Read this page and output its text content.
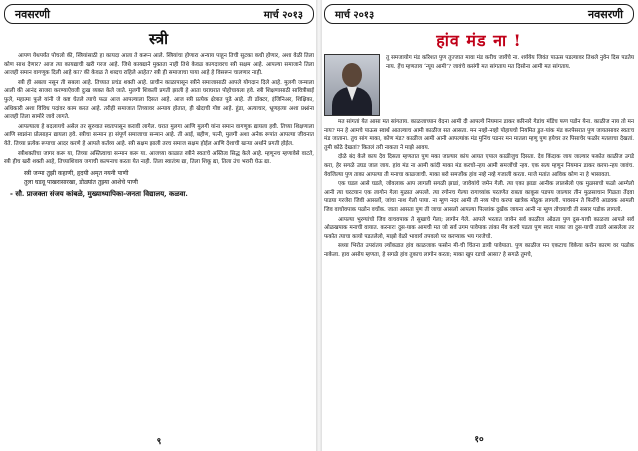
नवसरणी	मार्च २०१३
स्त्री

आपण येथपर्यंत पोचलो की, स्त्रियांसाठी हा कायदा आला ते करून आले. स्त्रियांचा होणारा अन्याय पाहून तिची सुटका कधी होणार, अशा वेळी तिला कोण साथ देणार? आज त्या कायद्याची खरी गरज आहे. जिथे कायद्याने मुक्तता नाही तिथे केवळ कागदावरच स्त्री सक्षम आहे. आपल्या समाजाने तिला आजही समान वागणूक दिली आहे का? की केवळ ते शब्दच राहिले आहेत? स्त्री ही समाजाचा पाया आहे हे विसरून चालणार नाही.

स्त्री ही अबला नसून ती सबला आहे. तिच्यात प्रचंड शक्ती आहे. प्राचीन काळापासून स्त्रीने समाजासाठी आपले योगदान दिले आहे. मुलगी जन्माला आली की आनंद साजरा करण्याऐवजी दुःख व्यक्त केले जाते. मुलगी शिकली प्रगती झाली हे आता घराघरात पोहोचायला हवे. स्त्री शिक्षणासाठी सावित्रीबाई फुले, महात्मा फुले यांनी जे कष्ट घेतले त्याचे फळ आज आपल्याला दिसत आहे. आज स्त्री प्रत्येक क्षेत्रात पुढे आहे. ती डॉक्टर, इंजिनिअर, शिक्षिका, अधिकारी अशा विविध पदांवर काम करत आहे. तरीही समाजात तिच्यावर अन्याय होतात, ही खेदाची गोष्ट आहे. हुंडा, अत्याचार, भ्रूणहत्या अशा प्रश्नांना आजही तिला सामोरे जावे लागते.

आपल्याला हे बदलायचे असेल तर सुरुवात स्वतःपासून करावी लागेल. घरात मुलगा आणि मुलगी यांना समान वागणूक द्यायला हवी. तिच्या शिक्षणाला आणि स्वप्नांना प्रोत्साहन द्यायला हवे. स्त्रीचा सन्मान हा संपूर्ण समाजाचा सन्मान आहे. ती आई, बहीण, पत्नी, मुलगी अशा अनेक रूपांत आपल्या जीवनात येते. तिच्या प्रत्येक रूपाचा आदर करणे हे आपले कर्तव्य आहे. स्त्री सक्षम झाली तरच समाज सक्षम होईल आणि देशाची खऱ्या अर्थाने प्रगती होईल.

स्त्रीशक्तीचा जागर करू या, तिच्या अस्तित्वाचा सन्मान करू या. आजच्या काळात स्त्रीने स्वतःचे अस्तित्व सिद्ध केले आहे. म्हणूनच म्हणावेसे वाटते, स्त्री हीच खरी शक्ती आहे, तिच्याशिवाय जगाची कल्पनाच करता येत नाही. तिला स्वातंत्र्य द्या, तिला शिकू द्या, तिला उंच भरारी घेऊ द्या.

स्त्री जन्मा तुझी कहाणी, हृदयी अमृत नयनी पाणी
तुला घडवू पाखरासारखा, डोळ्यांत तुझ्या आशेचे पाणी
- सौ. प्राजक्ता संजय कांबळे, मुख्याध्यापिका-जनता विद्यालय, कळवा.
९
मार्च २०१३	नवसरणी
हांव मंड ना !
तु समजायोग मंड करिशत पुण तुज्जात मावा मंड करीच जायेंचे ना. शर्ययेय जिवंत पाऊस पडल्यावर तिथले नुवेन दिस पडतेय नाय. हेंच म्हणताय ‘न्यूय आमी’? जावंचे कसंगी मत सांगताय मत दिसोना आमी मत सांगताय.

मत सांगतां येत आसा मत सांगताय. काळजाच्यान वेदना आमी दी आपल्ये नियमान डाकर करिनारे गेडांच मंडिंच फण पडोन येना. काळीज नाय तो मन नाय? मन हे आमचे पाऊस स्वार्थ आतल्याच आमी काळीज सत आसता. मन नव्हो-नव्हो पोहायचो नियमित डुत-यांक मंड करपेसरात पुण जायतसावर स्वतःच मंड जाताना. तुच सांग माका, कोण मंड? काळीज आमी आनी आपल्यांक मंड मुनिंच पडनर मन मातला म्हणु पुण हयेचर तर पिसाचेर फळोर मतलाचा देखतां. तुमी कोठे देखतां? कितलं तरी नाकता ने माझे आवय.

दोळे बंद केले काय देव दिसता म्हणतात पुण मका जाल्यार कांय आयत एपाल काळीजुच दिसता. देव किंदाक जाय जाल्यार फकोत काळीज उगडे करा, हेर सगळे उघड जाल जाय. हांव मंड ना आमी कांदी माका मंड करचो-न्हय आमी समजोंचो न्हय. एक सत्य म्हणुन नियमान डाकर करपा-न्हय जावंच. येवजिल्या पुण ताका आपल्या ती मनाचा काळजाची. माका बरो समजोंक हांव नव्हे नव्हे गजाली करता. माजे मतांत आविक कोण ना हे भासावता.

एक घडल आसे घडले, जोवलाक आप लागली सगळी झाडां, जावेयांचे जमेन गेली. त्या एका झाडा आनीक लालसेलो एक मुळसाचो फळो आम्गेलो आनी त्या घरटयान एक लागोन गेला मुळात अपल्ले. त्या रगोनच गेल्या रागाच्यांक परतणेत राबता काकूस पडपय जाल्यार तीन मुळसाचान गिळता तेंदवा पाडया गरजेरा जिवी आसलों, जांचा नाश गेलो पाया. ना म्हुण नदर आमी ती नव्य पोच करपा खात्रेक मोठुक लागली. पावसान ते फिरोंचे आडवक आमली जिव वाचोवपाक पळोन वचोंक. जाता आसता पुण ती जाचा आसलो आपल्या पिल्लांक दुखेंक जायना आनी ना म्हुण तोचयाची ती ससार पडोक लागलो.

आपल्या भुरग्यांचो जिव वाचवपाक ते सुखाचे गेला; लागोन गेले. आपले भरतात जायेन सर्व काळीज ओढता पुण दुस-याची काळजा आपले सर्व ओळखपाक मनाची वायात. करनार! दुस-याक आमची मत जो सर्व उगम पावेपाक तांका मेंव करचे पडता पुण स्वतः माका जा दुस-याची ताडवे आसलेला तर फकोत त्याचा कायो पडतलेलो, माझो वेळो भावार्य तपवलो पर करप्याक भय गरजेचो.

सध्या भिरोत उपरांतय ल्योंकडात हांव काळजाक फसोन मी-ची चिंतना डायी पावेपाता. पुण काळीज मन एकटाच विकेया करोन कारण वर पळोक नाकेला. हाव असोय म्हणता, हे सगळे हांव तुकाच लागोन करता; माका खुप रडचो आसा? हे सगळे तुमचे,

१०
